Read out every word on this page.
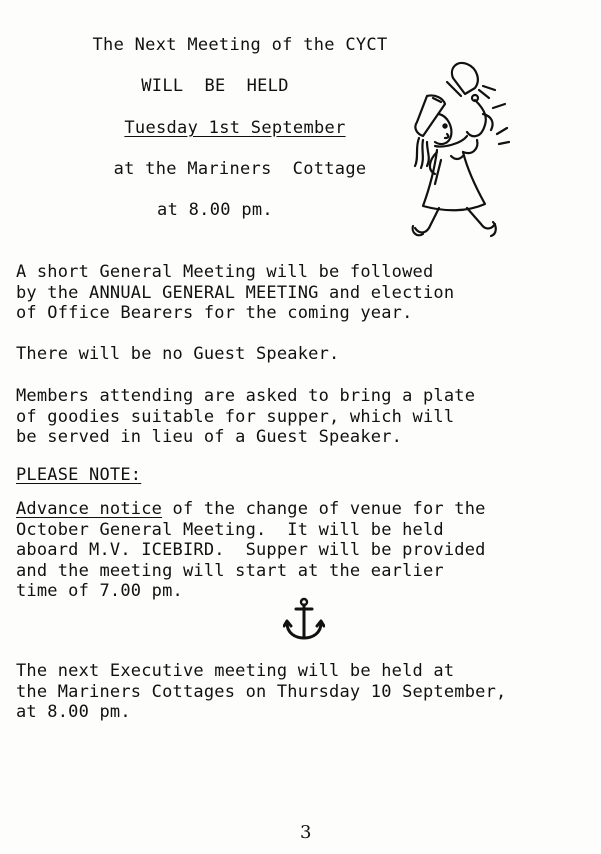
The Next Meeting of the CYCT
WILL  BE  HELD
Tuesday 1st September
at the Mariners  Cottage
at 8.00 pm.
A short General Meeting will be followed
by the ANNUAL GENERAL MEETING and election
of Office Bearers for the coming year.
There will be no Guest Speaker.
Members attending are asked to bring a plate
of goodies suitable for supper, which will
be served in lieu of a Guest Speaker.
PLEASE NOTE:
Advance notice of the change of venue for the
October General Meeting.  It will be held
aboard M.V. ICEBIRD.  Supper will be provided
and the meeting will start at the earlier
time of 7.00 pm.
The next Executive meeting will be held at
the Mariners Cottages on Thursday 10 September,
at 8.00 pm.
3
